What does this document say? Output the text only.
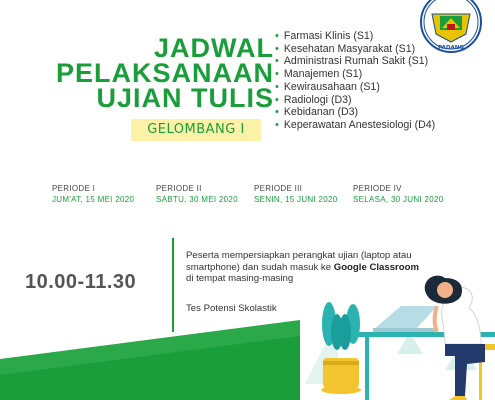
PADANG
JADWAL
PELAKSANAAN
UJIAN TULIS
GELOMBANG I
• Farmasi Klinis (S1)
• Kesehatan Masyarakat (S1)
• Administrasi Rumah Sakit (S1)
• Manajemen (S1)
• Kewirausahaan (S1)
• Radiologi (D3)
• Kebidanan (D3)
• Keperawatan Anestesiologi (D4)
PERIODE I
JUM'AT, 15 MEI 2020
PERIODE II
SABTU, 30 MEI 2020
PERIODE III
SENIN, 15 JUNI 2020
PERIODE IV
SELASA, 30 JUNI 2020
10.00-11.30
Peserta mempersiapkan perangkat ujian (laptop atau
smartphone) dan sudah masuk ke Google Classroom
di tempat masing-masing
Tes Potensi Skolastik
